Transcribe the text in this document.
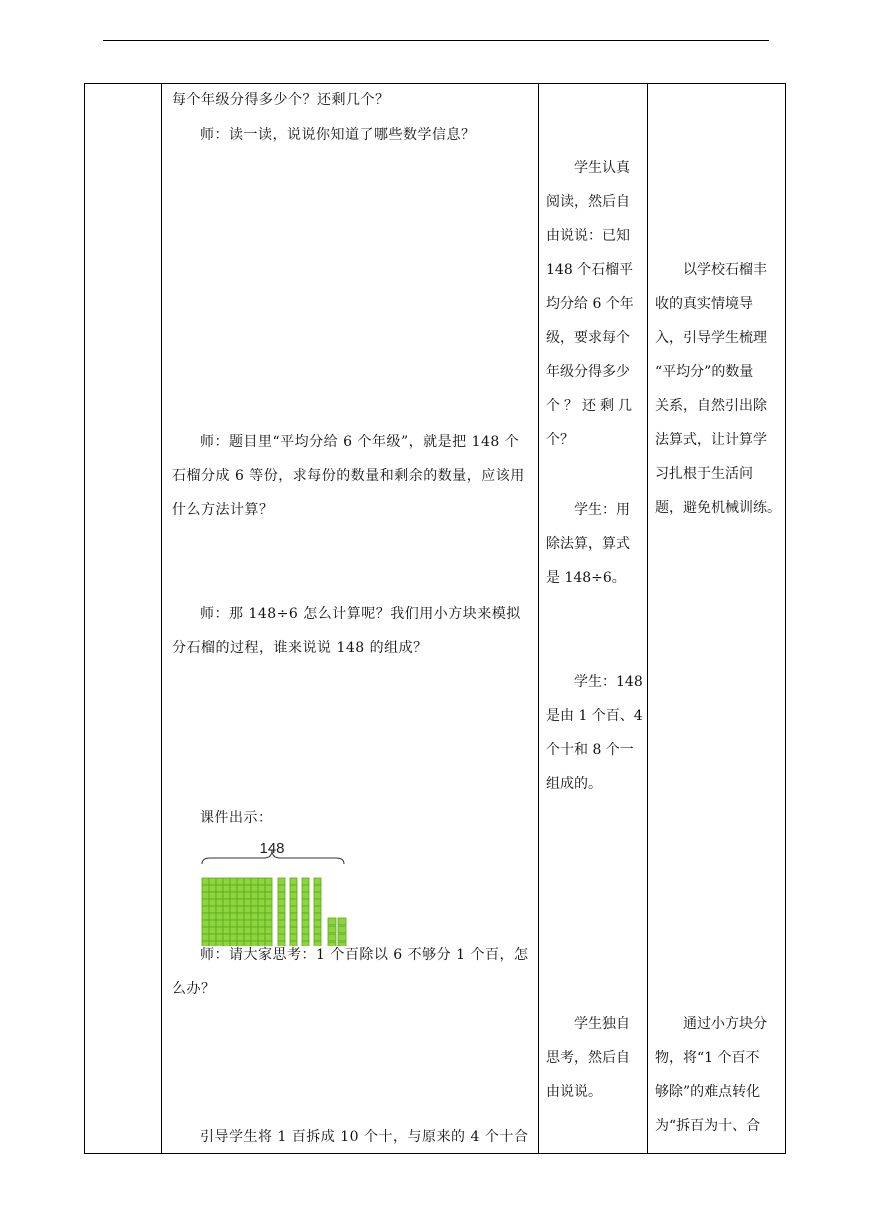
每个年级分得多少个？还剩几个？
师：读一读，说说你知道了哪些数学信息？
师：题目里“平均分给 6 个年级”，就是把 148 个
石榴分成 6 等份，求每份的数量和剩余的数量，应该用
什么方法计算？
师：那 148÷6 怎么计算呢？我们用小方块来模拟
分石榴的过程，谁来说说 148 的组成？
课件出示：
148
师：请大家思考：1 个百除以 6 不够分 1 个百，怎
么办？
引导学生将 1 百拆成 10 个十，与原来的 4 个十合

学生认真

阅读，然后自

由说说：已知

148 个石榴平

均分给 6 个年

级，要求每个

年级分得多少

个？还剩几

个？

学生：用

除法算，算式

是 148÷6。

学生：148

是由 1 个百、4

个十和 8 个一

组成的。

学生独自

思考，然后自

由说说。

以学校石榴丰

收的真实情境导

入，引导学生梳理

“平均分”的数量

关系，自然引出除

法算式，让计算学

习扎根于生活问

题，避免机械训练。

通过小方块分

物，将“1 个百不

够除”的难点转化

为“拆百为十、合
